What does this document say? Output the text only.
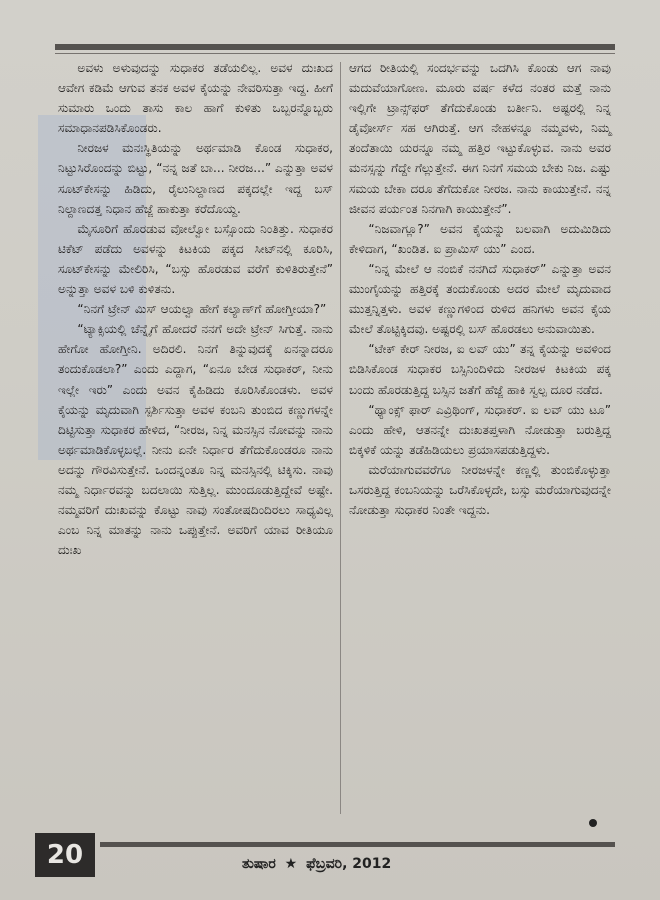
ಅವಳು ಅಳುವುದನ್ನು ಸುಧಾಕರ ತಡೆಯಲಿಲ್ಲ. ಅವಳ ದುಃಖದ ಆವೇಗ ಕಡಿಮೆ ಆಗುವ ತನಕ ಅವಳ ಕೈಯನ್ನು ನೇವರಿಸುತ್ತಾ ಇದ್ದ. ಹೀಗೆ ಸುಮಾರು ಒಂದು ತಾಸು ಕಾಲ ಹಾಗೆ ಕುಳಿತು ಒಬ್ಬರನ್ನೊಬ್ಬರು ಸಮಾಧಾನಪಡಿಸಿಕೊಂಡರು.

ನೀರಜಳ ಮನಃಸ್ಥಿತಿಯನ್ನು ಅರ್ಥಮಾಡಿ ಕೊಂಡ ಸುಧಾಕರ, ನಿಟ್ಟುಸಿರೊಂದನ್ನು ಬಿಟ್ಟು, “ನನ್ನ ಜತೆ ಬಾ... ನೀರಜ...” ಎನ್ನುತ್ತಾ ಅವಳ ಸೂಟ್‌ಕೇಸನ್ನು ಹಿಡಿದು, ರೈಲುನಿಲ್ದಾಣದ ಪಕ್ಕದಲ್ಲೇ ಇದ್ದ ಬಸ್ ನಿಲ್ದಾಣದತ್ತ ನಿಧಾನ ಹೆಜ್ಜೆ ಹಾಕುತ್ತಾ ಕರೆದೊಯ್ದ.

ಮೈಸೂರಿಗೆ ಹೊರಡುವ ವೋಲ್ವೋ ಬಸ್ಸೊಂದು ನಿಂತಿತ್ತು. ಸುಧಾಕರ ಟಿಕೆಟ್ ಪಡೆದು ಅವಳನ್ನು ಕಿಟಕಿಯ ಪಕ್ಕದ ಸೀಟ್‌ನಲ್ಲಿ ಕೂರಿಸಿ, ಸೂಟ್‌ಕೇಸನ್ನು ಮೇಲಿರಿಸಿ, “ಬಸ್ಸು ಹೊರಡುವ ವರೆಗೆ ಕುಳಿತಿರುತ್ತೇನೆ” ಅನ್ನುತ್ತಾ ಅವಳ ಬಳಿ ಕುಳಿತನು.

“ನಿನಗೆ ಟ್ರೇನ್ ಮಿಸ್ ಆಯಲ್ವಾ ಹೇಗೆ ಕಲ್ಯಾಣ್‌ಗೆ ಹೋಗ್ತೀಯಾ?”

“ಟ್ಯಾಕ್ಸಿಯಲ್ಲಿ ಚೆನ್ನೈಗೆ ಹೋದರೆ ನನಗೆ ಅದೇ ಟ್ರೇನ್ ಸಿಗುತ್ತೆ. ನಾನು ಹೇಗೋ ಹೋಗ್ತೀನಿ. ಅದಿರಲಿ. ನಿನಗೆ ತಿನ್ನುವುದಕ್ಕೆ ಏನನ್ನಾದರೂ ತಂದುಕೊಡಲಾ?” ಎಂದು ಎದ್ದಾಗ, “ಏನೂ ಬೇಡ ಸುಧಾಕರ್, ನೀನು ಇಲ್ಲೇ ಇರು” ಎಂದು ಅವನ ಕೈಹಿಡಿದು ಕೂರಿಸಿಕೊಂಡಳು. ಅವಳ ಕೈಯನ್ನು ಮೃದುವಾಗಿ ಸ್ಪರ್ಶಿಸುತ್ತಾ ಅವಳ ಕಂಬನಿ ತುಂಬಿದ ಕಣ್ಣುಗಳನ್ನೇ ದಿಟ್ಟಿಸುತ್ತಾ ಸುಧಾಕರ ಹೇಳಿದ, “ನೀರಜ, ನಿನ್ನ ಮನಸ್ಸಿನ ನೋವನ್ನು ನಾನು ಅರ್ಥಮಾಡಿಕೊಳ್ಳಬಲ್ಲೆ. ನೀನು ಏನೇ ನಿರ್ಧಾರ ತೆಗೆದುಕೊಂಡರೂ ನಾನು ಅದನ್ನು ಗೌರವಿಸುತ್ತೇನೆ. ಒಂದನ್ನಂತೂ ನಿನ್ನ ಮನಸ್ಸಿನಲ್ಲಿ ಟಿಕ್ಕಿಸು. ನಾವು ನಮ್ಮ ನಿರ್ಧಾರವನ್ನು ಬದಲಾಯಿ ಸುತ್ತಿಲ್ಲ. ಮುಂದೂಡುತ್ತಿದ್ದೇವೆ ಅಷ್ಟೇ. ನಮ್ಮವರಿಗೆ ದುಃಖವನ್ನು ಕೊಟ್ಟು ನಾವು ಸಂತೋಷದಿಂದಿರಲು ಸಾಧ್ಯವಿಲ್ಲ ಎಂಬ ನಿನ್ನ ಮಾತನ್ನು ನಾನು ಒಪ್ಪುತ್ತೇನೆ. ಅವರಿಗೆ ಯಾವ ರೀತಿಯೂ ದುಃಖ

ಆಗದ ರೀತಿಯಲ್ಲಿ ಸಂದರ್ಭವನ್ನು ಒದಗಿಸಿ ಕೊಂಡು ಆಗ ನಾವು ಮದುವೆಯಾಗೋಣ. ಮೂರು ವರ್ಷ ಕಳೆದ ನಂತರ ಮತ್ತೆ ನಾನು ಇಲ್ಲಿಗೇ ಟ್ರಾನ್ಸ್‌ಫರ್ ತೆಗೆದುಕೊಂಡು ಬರ್ತೀನಿ. ಅಷ್ಟರಲ್ಲಿ ನಿನ್ನ ಡೈವೋರ್ಸ್ ಸಹ ಆಗಿರುತ್ತೆ. ಆಗ ನೇಹಳನ್ನೂ ನಮ್ಮವಳು, ನಿಮ್ಮ ತಂದೆತಾಯಿ ಯರನ್ನೂ ನಮ್ಮ ಹತ್ತಿರ ಇಟ್ಟುಕೊಳ್ಳುವ. ನಾನು ಅವರ ಮನಸ್ಸನ್ನು ಗೆದ್ದೇ ಗೆಲ್ಲುತ್ತೇನೆ. ಈಗ ನಿನಗೆ ಸಮಯ ಬೇಕು ನಿಜ. ಎಷ್ಟು ಸಮಯ ಬೇಕಾ ದರೂ ತೆಗೆದುಕೋ ನೀರಜ. ನಾನು ಕಾಯುತ್ತೇನೆ. ನನ್ನ ಜೀವನ ಪರ್ಯಂತ ನಿನಗಾಗಿ ಕಾಯುತ್ತೇನೆ”.

“ನಿಜವಾಗ್ಲೂ?” ಅವನ ಕೈಯನ್ನು ಬಲವಾಗಿ ಅದುಮಿಡಿದು ಕೇಳಿದಾಗ, “ಖಂಡಿತ. ಐ ಪ್ರಾಮಿಸ್ ಯು” ಎಂದ.

“ನಿನ್ನ ಮೇಲೆ ಆ ನಂಬಿಕೆ ನನಗಿದೆ ಸುಧಾಕರ್” ಎನ್ನುತ್ತಾ ಅವನ ಮುಂಗೈಯನ್ನು ಹತ್ತಿರಕ್ಕೆ ತಂದುಕೊಂಡು ಅದರ ಮೇಲೆ ಮೃದುವಾದ ಮುತ್ತನ್ನಿತ್ತಳು. ಅವಳ ಕಣ್ಣುಗಳಿಂದ ರುಳಿದ ಹನಿಗಳು ಅವನ ಕೈಯ ಮೇಲೆ ತೊಟ್ಟಿಕ್ಕಿದವು. ಅಷ್ಟರಲ್ಲಿ ಬಸ್ ಹೊರಡಲು ಅನುವಾಯಿತು.

“ಟೇಕ್ ಕೇರ್ ನೀರಜ, ಐ ಲವ್ ಯು” ತನ್ನ ಕೈಯನ್ನು ಅವಳಿಂದ ಬಿಡಿಸಿಕೊಂಡ ಸುಧಾಕರ ಬಸ್ಸಿನಿಂದಿಳಿದು ನೀರಜಳ ಕಿಟಕಿಯ ಪಕ್ಕ ಬಂದು ಹೊರಡುತ್ತಿದ್ದ ಬಸ್ಸಿನ ಜತೆಗೆ ಹೆಜ್ಜೆ ಹಾಕಿ ಸ್ವಲ್ಪ ದೂರ ನಡೆದ.

“ಥ್ಯಾಂಕ್ಸ್ ಫಾರ್ ಎವ್ರಿಥಿಂಗ್, ಸುಧಾಕರ್. ಐ ಲವ್ ಯು ಟೂ” ಎಂದು ಹೇಳಿ, ಆತನನ್ನೇ ದುಃಖತಪ್ತಳಾಗಿ ನೋಡುತ್ತಾ ಬರುತ್ತಿದ್ದ ಬಿಕ್ಕಳಿಕೆ ಯನ್ನು ತಡೆಹಿಡಿಯಲು ಪ್ರಯಾಸಪಡುತ್ತಿದ್ದಳು.

ಮರೆಯಾಗುವವರೆಗೂ ನೀರಜಳನ್ನೇ ಕಣ್ಣಲ್ಲಿ ತುಂಬಿಕೊಳ್ಳುತ್ತಾ ಒಸರುತ್ತಿದ್ದ ಕಂಬನಿಯನ್ನು ಒರೆಸಿಕೊಳ್ಳದೇ, ಬಸ್ಸು ಮರೆಯಾಗುವುದನ್ನೇ ನೋಡುತ್ತಾ ಸುಧಾಕರ ನಿಂತೇ ಇದ್ದನು.

20	ತುಷಾರ ★ ಫೆಬ್ರವರಿ, 2012
